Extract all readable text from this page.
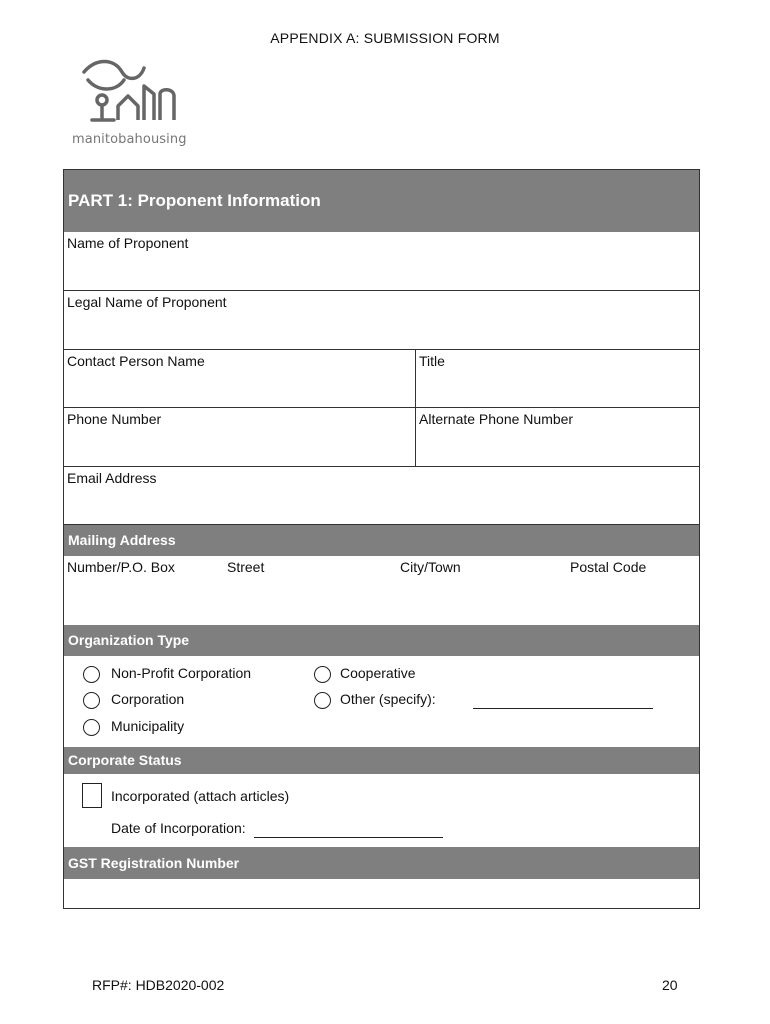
APPENDIX A: SUBMISSION FORM
manitobahousing
PART 1: Proponent Information
Name of Proponent
Legal Name of Proponent
Contact Person Name	Title
Phone Number	Alternate Phone Number
Email Address
Mailing Address
Number/P.O. Box	Street	City/Town	Postal Code
Organization Type
Non-Profit Corporation
Corporation
Municipality
Cooperative
Other (specify):
Corporate Status
Incorporated (attach articles)
Date of Incorporation:
GST Registration Number
RFP#: HDB2020-002	20
